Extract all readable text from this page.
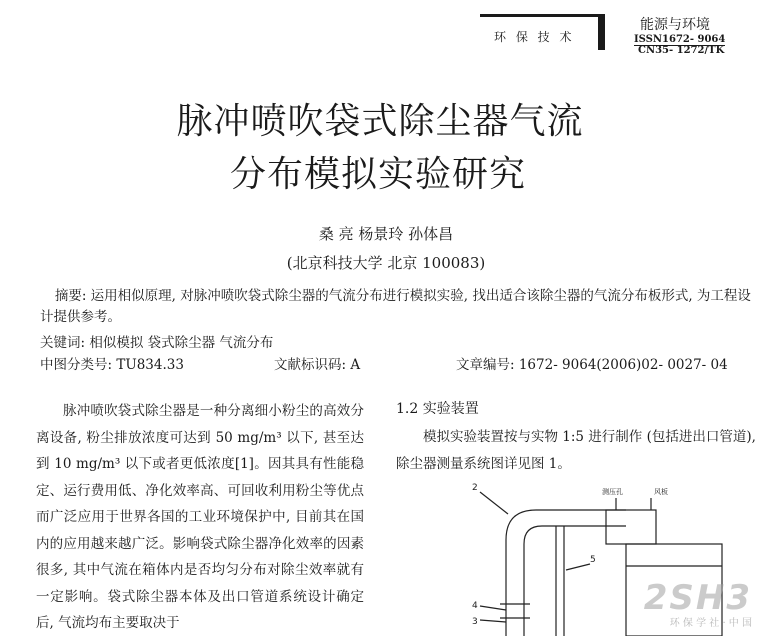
环 保 技 术
能源与环境
ISSN1672- 9064
CN35- 1272/TK
脉冲喷吹袋式除尘器气流
分布模拟实验研究
桑 亮 杨景玲 孙体昌
(北京科技大学 北京 100083)
摘要: 运用相似原理, 对脉冲喷吹袋式除尘器的气流分布进行模拟实验, 找出适合该除尘器的气流分布板形式, 为工程设计提供参考。
关键词: 相似模拟 袋式除尘器 气流分布
中图分类号: TU834.33	文献标识码: A	文章编号: 1672- 9064(2006)02- 0027- 04

脉冲喷吹袋式除尘器是一种分离细小粉尘的高效分离设备, 粉尘排放浓度可达到 50 mg/m³ 以下, 甚至达到 10 mg/m³ 以下或者更低浓度[1]。因其具有性能稳定、运行费用低、净化效率高、可回收利用粉尘等优点而广泛应用于世界各国的工业环境保护中, 目前其在国内的应用越来越广泛。影响袋式除尘器净化效率的因素很多, 其中气流在箱体内是否均匀分布对除尘效率就有一定影响。袋式除尘器本体及出口管道系统设计确定后, 气流均布主要取决于

1.2 实验装置

模拟实验装置按与实物 1:5 进行制作 (包括进出口管道), 除尘器测量系统图详见图 1。

2
5
4
3
测压孔	风板
2SH3
环 保 学 社 · 中 国
